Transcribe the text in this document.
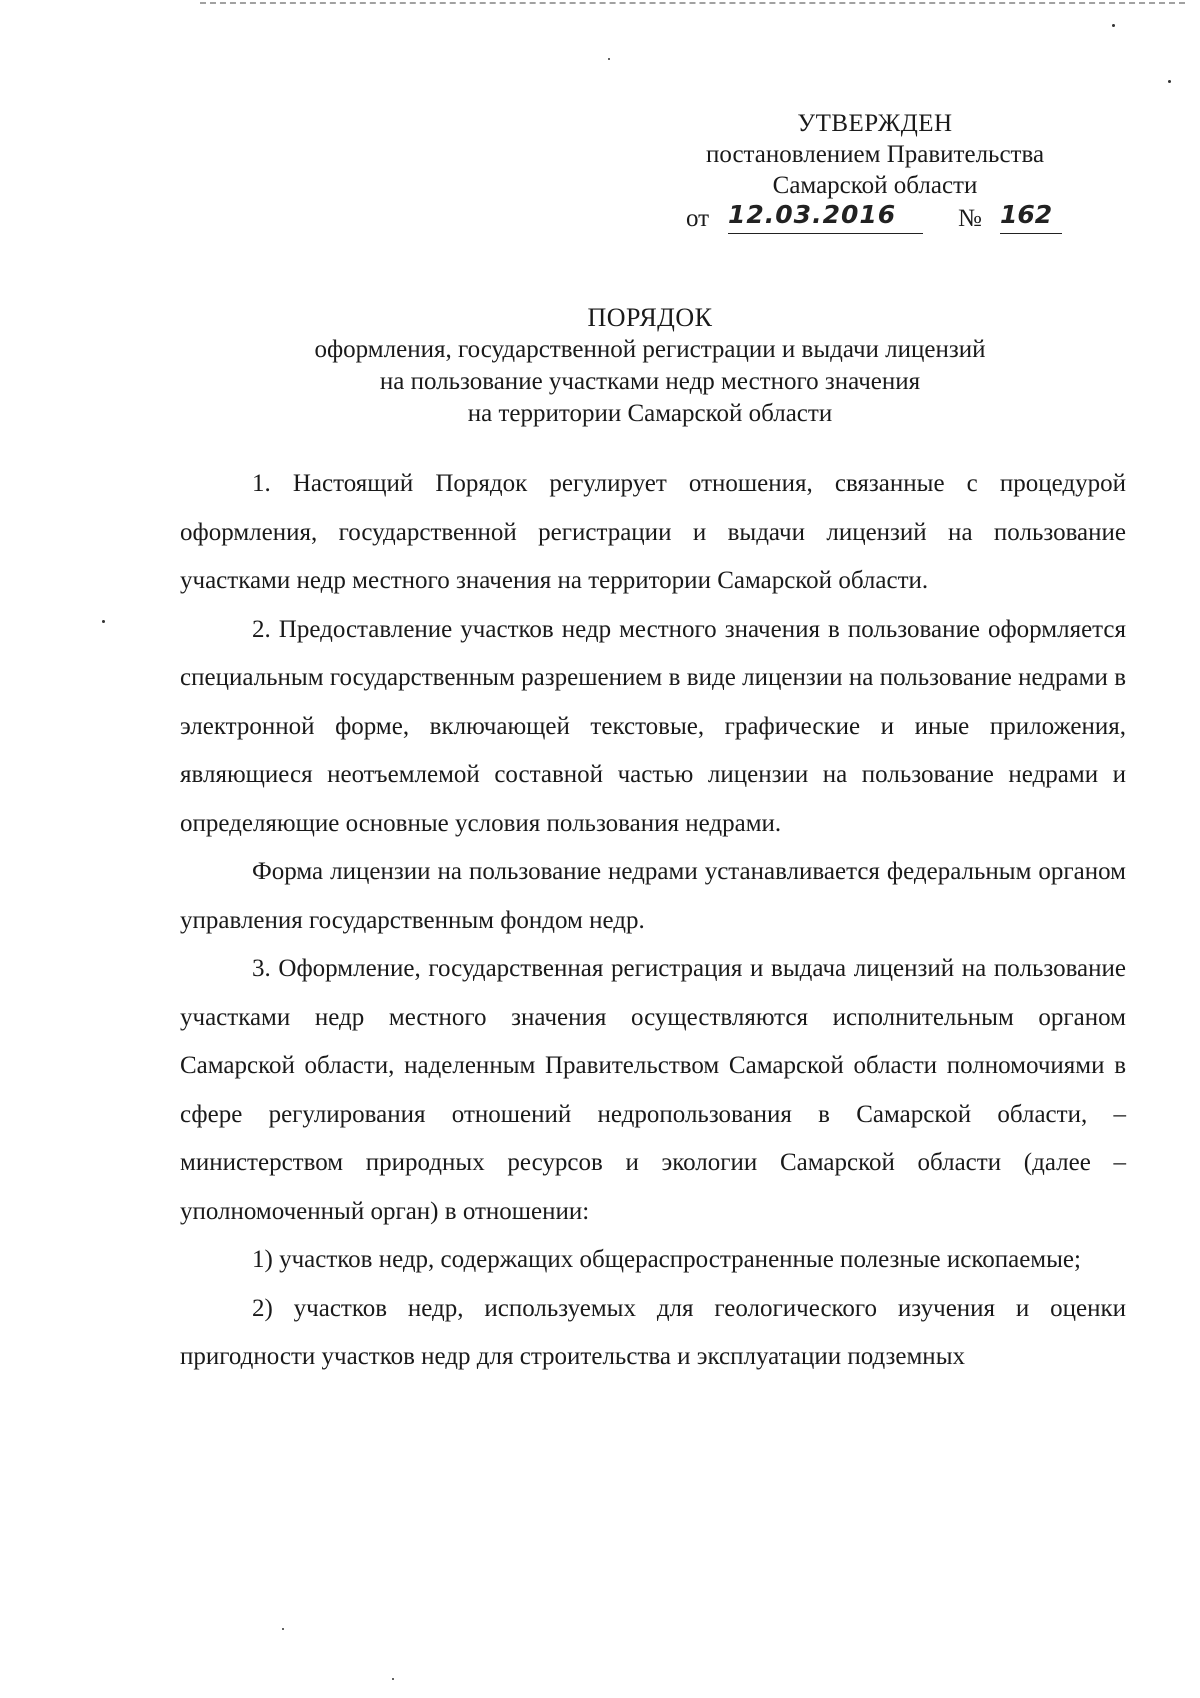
УТВЕРЖДЕН
постановлением Правительства
Самарской области
от 12.03.2016	№ 162
ПОРЯДОК
оформления, государственной регистрации и выдачи лицензий
на пользование участками недр местного значения
на территории Самарской области

1. Настоящий Порядок регулирует отношения, связанные с процедурой оформления, государственной регистрации и выдачи лицензий на пользование участками недр местного значения на территории Самарской области.

2. Предоставление участков недр местного значения в пользование оформляется специальным государственным разрешением в виде лицензии на пользование недрами в электронной форме, включающей текстовые, графические и иные приложения, являющиеся неотъемлемой составной частью лицензии на пользование недрами и определяющие основные условия пользования недрами.

Форма лицензии на пользование недрами устанавливается федеральным органом управления государственным фондом недр.

3. Оформление, государственная регистрация и выдача лицензий на пользование участками недр местного значения осуществляются исполнительным органом Самарской области, наделенным Правительством Самарской области полномочиями в сфере регулирования отношений недропользования в Самарской области, – министерством природных ресурсов и экологии Самарской области (далее – уполномоченный орган) в отношении:

1) участков недр, содержащих общераспространенные полезные ископаемые;

2) участков недр, используемых для геологического изучения и оценки пригодности участков недр для строительства и эксплуатации подземных
